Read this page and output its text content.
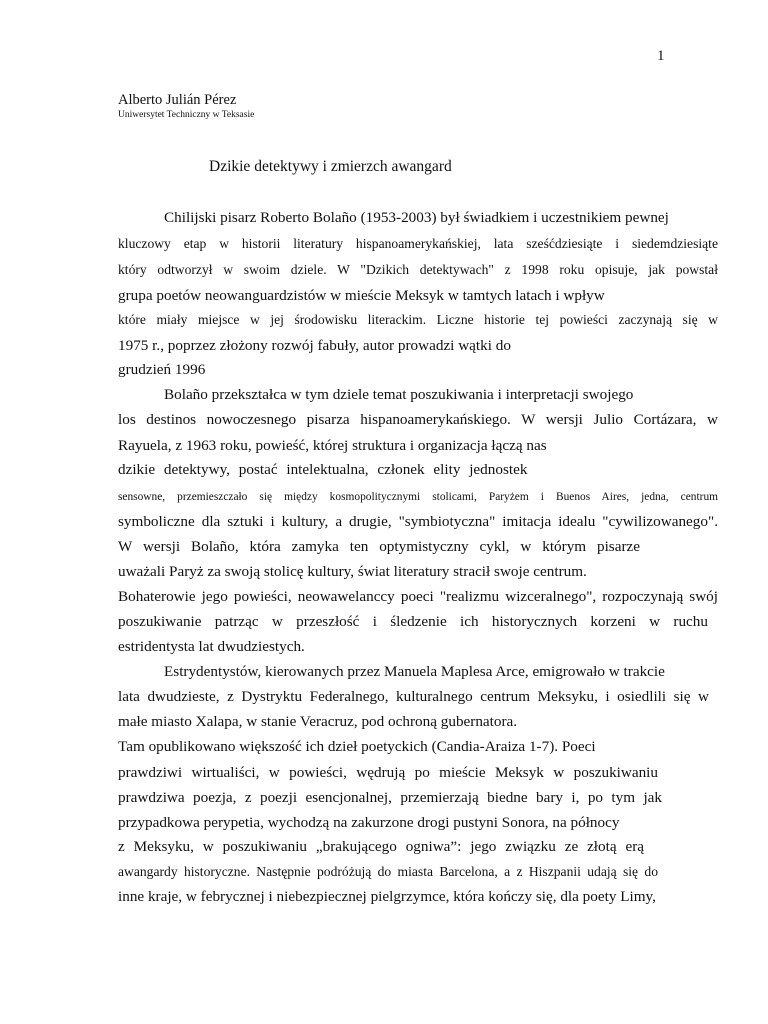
1
Alberto Julián Pérez
Uniwersytet Techniczny w Teksasie
Dzikie detektywy i zmierzch awangard
Chilijski pisarz Roberto Bolaño (1953-2003) był świadkiem i uczestnikiem pewnej
kluczowy etap w historii literatury hispanoamerykańskiej, lata sześćdziesiąte i siedemdziesiąte
który odtworzył w swoim dziele. W "Dzikich detektywach" z 1998 roku opisuje, jak powstał
grupa poetów neowanguardzistów w mieście Meksyk w tamtych latach i wpływ
które miały miejsce w jej środowisku literackim. Liczne historie tej powieści zaczynają się w
1975 r., poprzez złożony rozwój fabuły, autor prowadzi wątki do
grudzień 1996
Bolaño przekształca w tym dziele temat poszukiwania i interpretacji swojego
los destinos nowoczesnego pisarza hispanoamerykańskiego. W wersji Julio Cortázara, w
Rayuela, z 1963 roku, powieść, której struktura i organizacja łączą nas
dzikie detektywy, postać intelektualna, członek elity jednostek
sensowne, przemieszczało się między kosmopolitycznymi stolicami, Paryżem i Buenos Aires, jedna, centrum
symboliczne dla sztuki i kultury, a drugie, "symbiotyczna" imitacja idealu "cywilizowanego".
W wersji Bolaño, która zamyka ten optymistyczny cykl, w którym pisarze
uważali Paryż za swoją stolicę kultury, świat literatury stracił swoje centrum.
Bohaterowie jego powieści, neowawelanccy poeci "realizmu wizceralnego", rozpoczynają swój
poszukiwanie patrząc w przeszłość i śledzenie ich historycznych korzeni w ruchu
estridentysta lat dwudziestych.
Estrydentystów, kierowanych przez Manuela Maplesa Arce, emigrowało w trakcie
lata dwudzieste, z Dystryktu Federalnego, kulturalnego centrum Meksyku, i osiedlili się w
małe miasto Xalapa, w stanie Veracruz, pod ochroną gubernatora.
Tam opublikowano większość ich dzieł poetyckich (Candia-Araiza 1-7). Poeci
prawdziwi wirtualiści, w powieści, wędrują po mieście Meksyk w poszukiwaniu
prawdziwa poezja, z poezji esencjonalnej, przemierzają biedne bary i, po tym jak
przypadkowa perypetia, wychodzą na zakurzone drogi pustyni Sonora, na północy
z Meksyku, w poszukiwaniu „brakującego ogniwa”: jego związku ze złotą erą
awangardy historyczne. Następnie podróżują do miasta Barcelona, a z Hiszpanii udają się do
inne kraje, w febrycznej i niebezpiecznej pielgrzymce, która kończy się, dla poety Limy,
